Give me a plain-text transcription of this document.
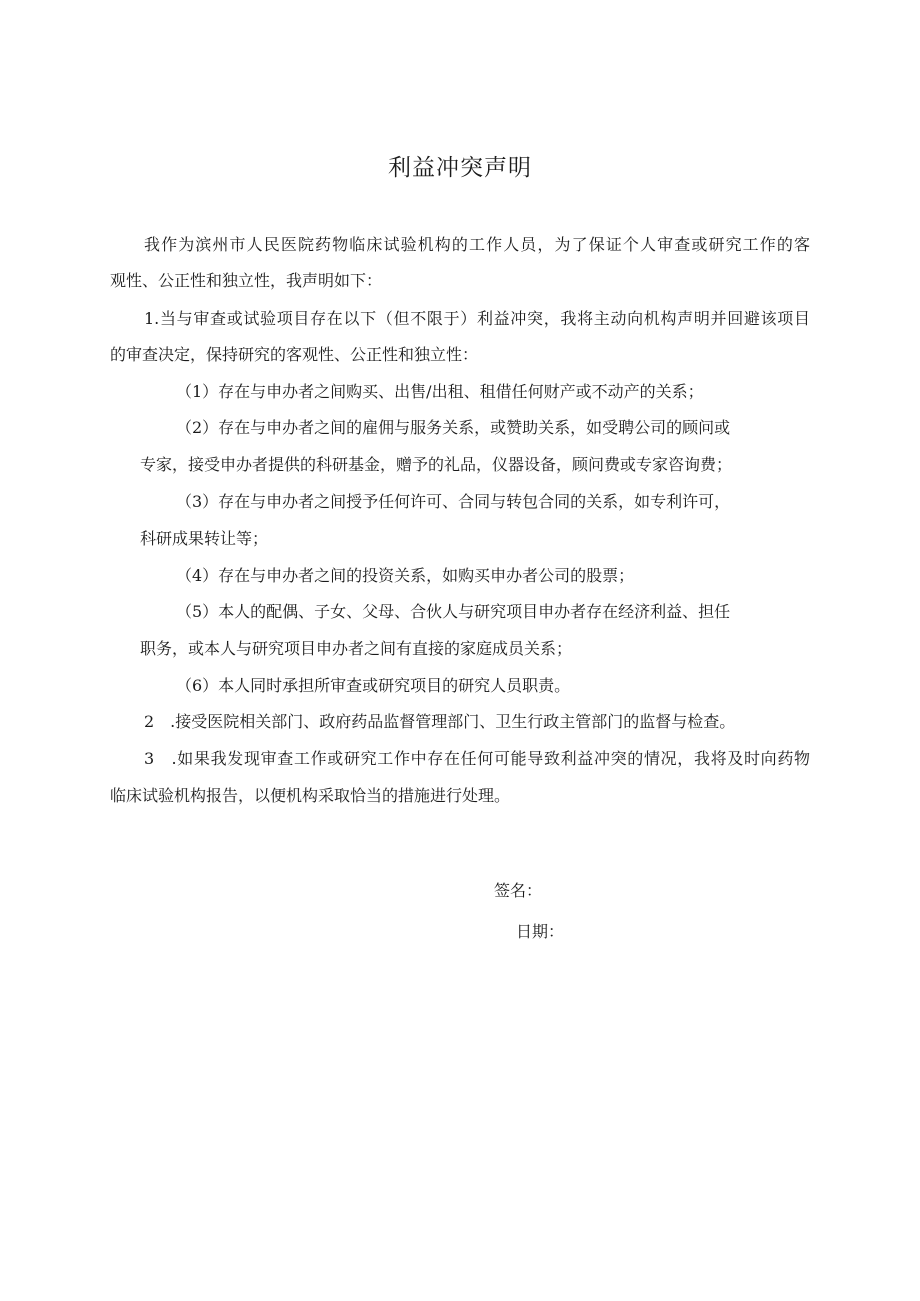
利益冲突声明
我作为滨州市人民医院药物临床试验机构的工作人员，为了保证个人审查或研究工作的客
观性、公正性和独立性，我声明如下：
1.当与审查或试验项目存在以下（但不限于）利益冲突，我将主动向机构声明并回避该项目
的审查决定，保持研究的客观性、公正性和独立性：
（1）存在与申办者之间购买、出售/出租、租借任何财产或不动产的关系；
（2）存在与申办者之间的雇佣与服务关系，或赞助关系，如受聘公司的顾问或
专家，接受申办者提供的科研基金，赠予的礼品，仪器设备，顾问费或专家咨询费；
（3）存在与申办者之间授予任何许可、合同与转包合同的关系，如专利许可，
科研成果转让等；
（4）存在与申办者之间的投资关系，如购买申办者公司的股票；
（5）本人的配偶、子女、父母、合伙人与研究项目申办者存在经济利益、担任
职务，或本人与研究项目申办者之间有直接的家庭成员关系；
（6）本人同时承担所审查或研究项目的研究人员职责。
2　.接受医院相关部门、政府药品监督管理部门、卫生行政主管部门的监督与检查。
3　.如果我发现审查工作或研究工作中存在任何可能导致利益冲突的情况，我将及时向药物
临床试验机构报告，以便机构采取恰当的措施进行处理。
签名：
日期：
